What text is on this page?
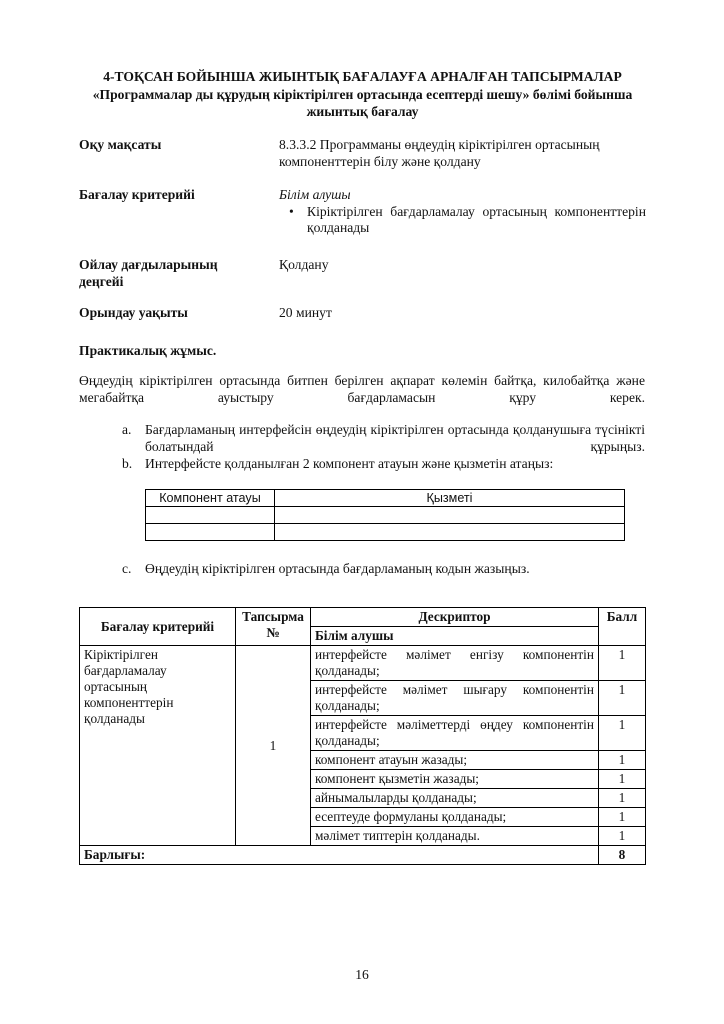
4-ТОҚСАН БОЙЫНША ЖИЫНТЫҚ БАҒАЛАУҒА АРНАЛҒАН ТАПСЫРМАЛАР
«Программалар ды құрудың кіріктірілген ортасында есептерді шешу» бөлімі бойынша жиынтық бағалау
Оқу мақсаты	8.3.3.2 Программаны өңдеудің кіріктірілген ортасының компоненттерін білу және қолдану
Бағалау критерийі	Білім алушы
• Кіріктірілген бағдарламалау ортасының компоненттерін қолданады
Ойлау дағдыларының деңгейі
Қолдану
Орындау уақыты	20 минут
Практикалық жұмыс.
Өңдеудің кіріктірілген ортасында битпен берілген ақпарат көлемін байтқа, килобайтқа және мегабайтқа ауыстыру бағдарламасын құру керек.
a. Бағдарламаның интерфейсін өңдеудің кіріктірілген ортасында қолданушыға түсінікті болатындай құрыңыз.
b. Интерфейсте қолданылған 2 компонент атауын және қызметін атаңыз:
Компонент атауы	Қызметі

c. Өңдеудің кіріктірілген ортасында бағдарламаның кодын жазыңыз.
Бағалау критерийі	Тапсырма №	Дескриптор	Балл
		Білім алушы	
Кіріктірілген бағдарламалау ортасының компоненттерін қолданады	1	интерфейсте мәлімет енгізу компонентін қолданады;	1
		интерфейсте мәлімет шығару компонентін қолданады;	1
		интерфейсте мәліметтерді өңдеу компонентін қолданады;	1
		компонент атауын жазады;	1
		компонент қызметін жазады;	1
		айнымалыларды қолданады;	1
		есептеуде формуланы қолданады;	1
		мәлімет типтерін қолданады.	1
Барлығы:			8
16
